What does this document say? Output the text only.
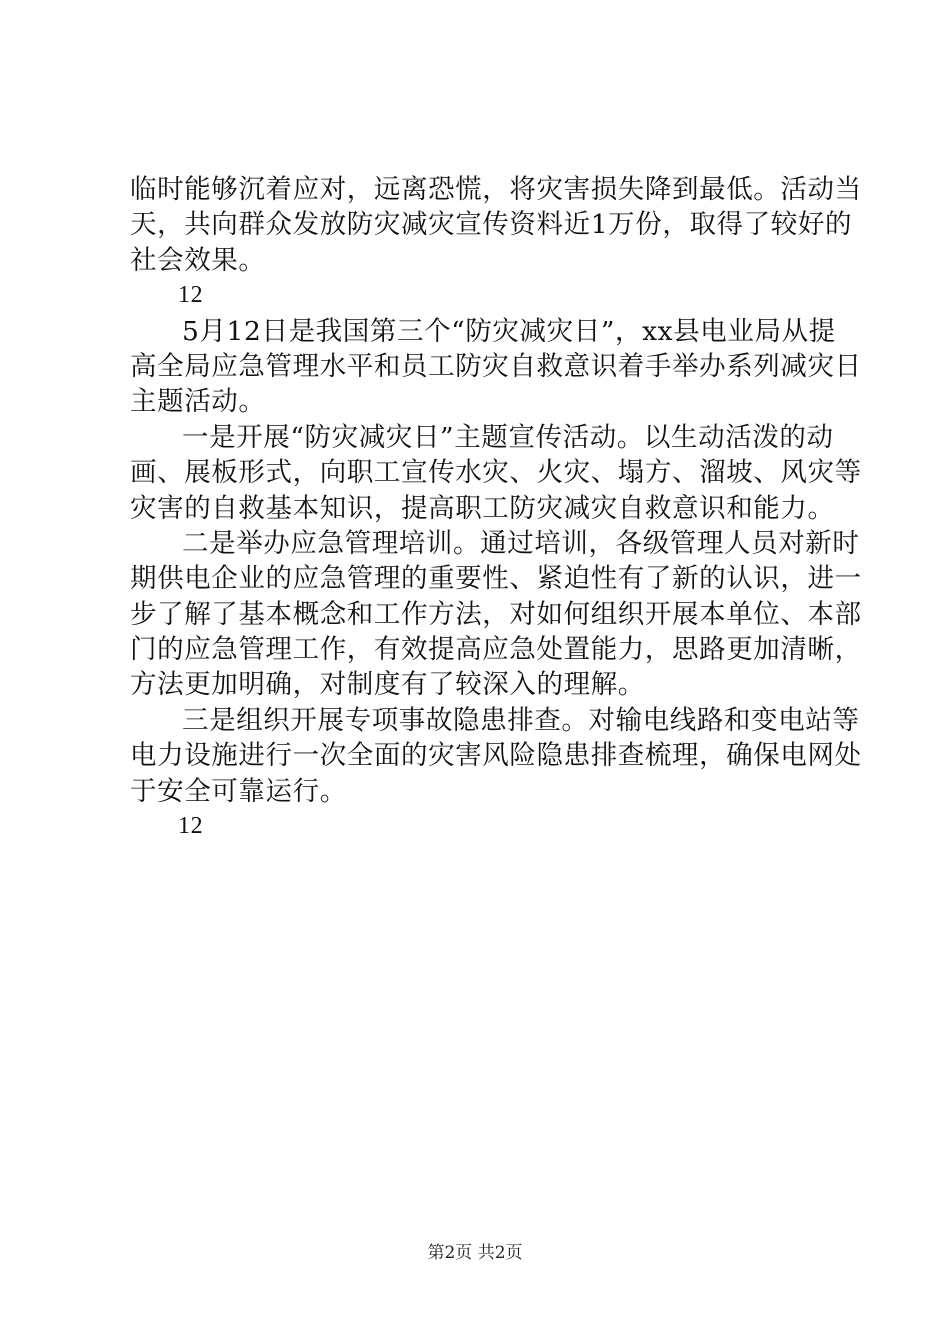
临时能够沉着应对，远离恐慌，将灾害损失降到最低。活动当
天，共向群众发放防灾减灾宣传资料近1万份，取得了较好的
社会效果。
12
5月12日是我国第三个“防灾减灾日”，xx县电业局从提
高全局应急管理水平和员工防灾自救意识着手举办系列减灾日
主题活动。
一是开展“防灾减灾日”主题宣传活动。以生动活泼的动
画、展板形式，向职工宣传水灾、火灾、塌方、溜坡、风灾等
灾害的自救基本知识，提高职工防灾减灾自救意识和能力。
二是举办应急管理培训。通过培训，各级管理人员对新时
期供电企业的应急管理的重要性、紧迫性有了新的认识，进一
步了解了基本概念和工作方法，对如何组织开展本单位、本部
门的应急管理工作，有效提高应急处置能力，思路更加清晰，
方法更加明确，对制度有了较深入的理解。
三是组织开展专项事故隐患排查。对输电线路和变电站等
电力设施进行一次全面的灾害风险隐患排查梳理，确保电网处
于安全可靠运行。
12
第2页 共2页
